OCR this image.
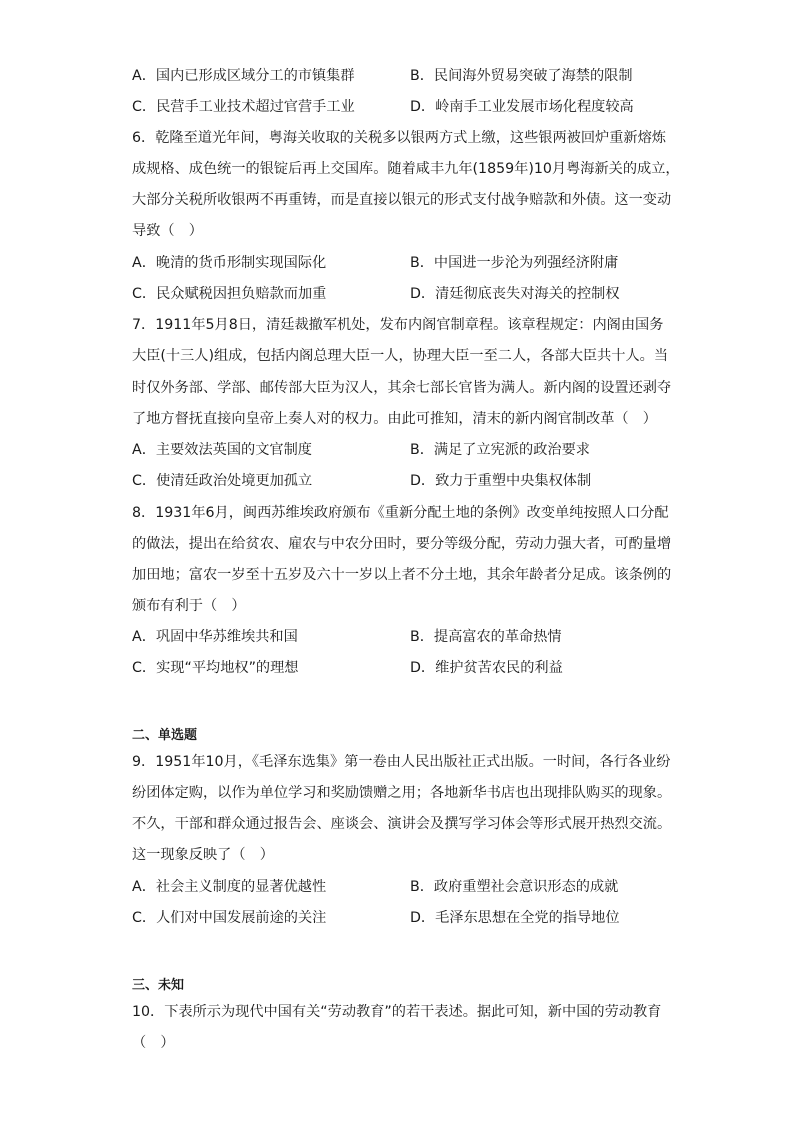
A．国内已形成区域分工的市镇集群	B．民间海外贸易突破了海禁的限制
C．民营手工业技术超过官营手工业	D．岭南手工业发展市场化程度较高
6．乾隆至道光年间，粤海关收取的关税多以银两方式上缴，这些银两被回炉重新熔炼
成规格、成色统一的银锭后再上交国库。随着咸丰九年(1859年)10月粤海新关的成立，
大部分关税所收银两不再重铸，而是直接以银元的形式支付战争赔款和外债。这一变动
导致（　）
A．晚清的货币形制实现国际化	B．中国进一步沦为列强经济附庸
C．民众赋税因担负赔款而加重	D．清廷彻底丧失对海关的控制权
7．1911年5月8日，清廷裁撤军机处，发布内阁官制章程。该章程规定：内阁由国务
大臣(十三人)组成，包括内阁总理大臣一人，协理大臣一至二人，各部大臣共十人。当
时仅外务部、学部、邮传部大臣为汉人，其余七部长官皆为满人。新内阁的设置还剥夺
了地方督抚直接向皇帝上奏人对的权力。由此可推知，清末的新内阁官制改革（　）
A．主要效法英国的文官制度	B．满足了立宪派的政治要求
C．使清廷政治处境更加孤立	D．致力于重塑中央集权体制
8．1931年6月，闽西苏维埃政府颁布《重新分配土地的条例》改变单纯按照人口分配
的做法，提出在给贫农、雇农与中农分田时，要分等级分配，劳动力强大者，可酌量增
加田地；富农一岁至十五岁及六十一岁以上者不分土地，其余年龄者分足成。该条例的
颁布有利于（　）
A．巩固中华苏维埃共和国	B．提高富农的革命热情
C．实现“平均地权”的理想	D．维护贫苦农民的利益
二、单选题
9．1951年10月，《毛泽东选集》第一卷由人民出版社正式出版。一时间，各行各业纷
纷团体定购，以作为单位学习和奖励馈赠之用；各地新华书店也出现排队购买的现象。
不久，干部和群众通过报告会、座谈会、演讲会及撰写学习体会等形式展开热烈交流。
这一现象反映了（　）
A．社会主义制度的显著优越性	B．政府重塑社会意识形态的成就
C．人们对中国发展前途的关注	D．毛泽东思想在全党的指导地位
三、未知
10．下表所示为现代中国有关“劳动教育”的若干表述。据此可知，新中国的劳动教育
（　）
